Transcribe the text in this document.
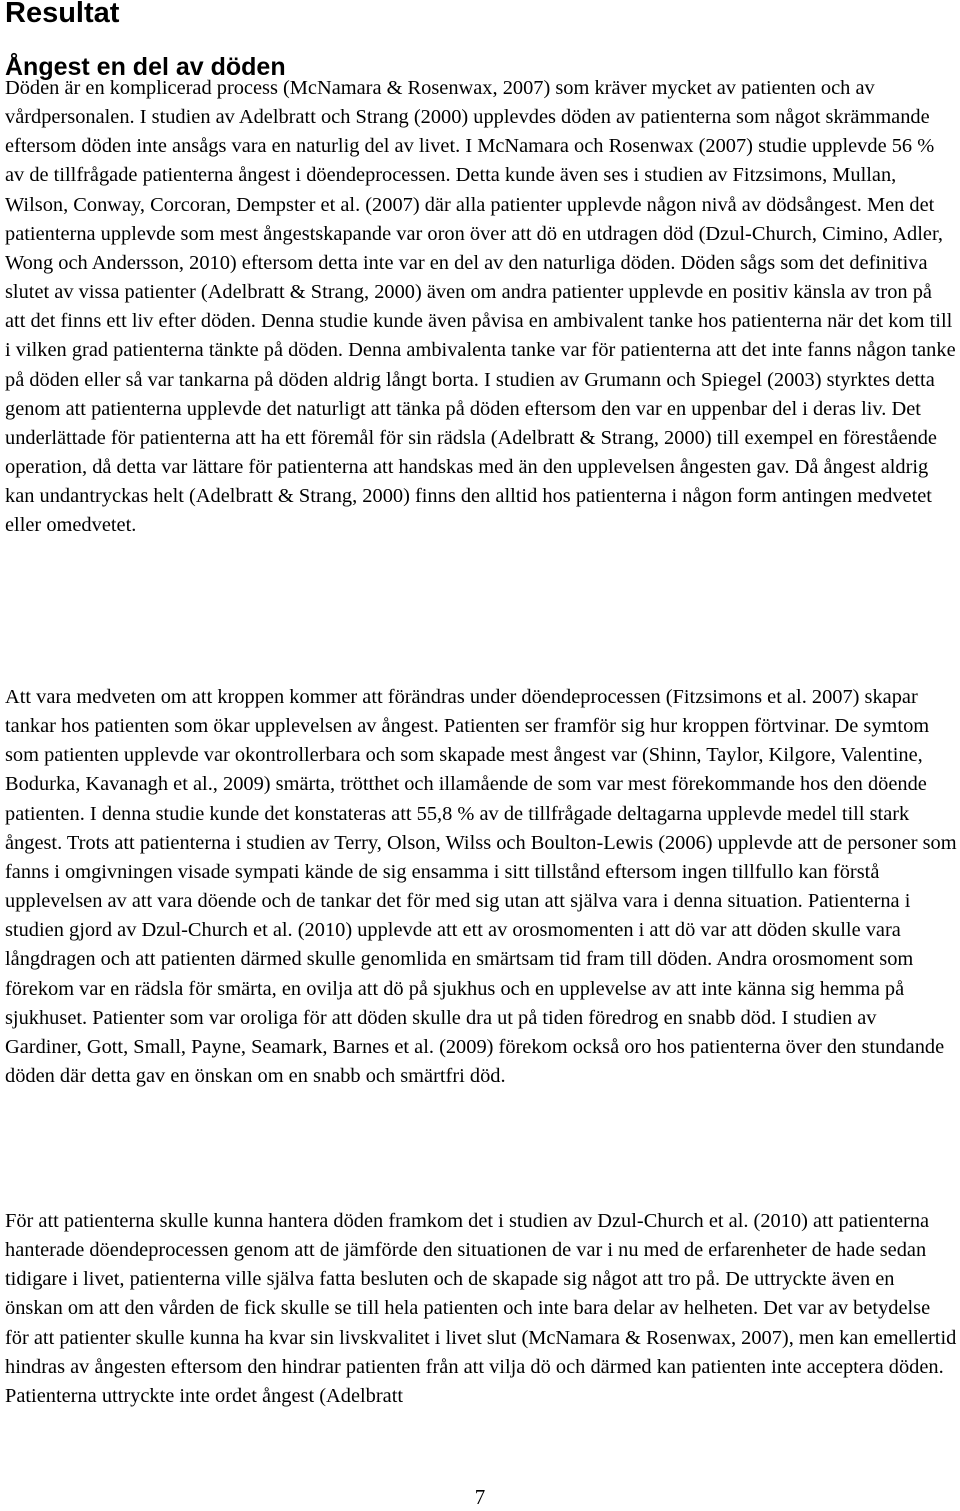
Resultat
Ångest en del av döden

Döden är en komplicerad process (McNamara & Rosenwax, 2007) som kräver mycket av patienten och av vårdpersonalen. I studien av Adelbratt och Strang (2000) upplevdes döden av patienterna som något skrämmande eftersom döden inte ansågs vara en naturlig del av livet. I McNamara och Rosenwax (2007) studie upplevde 56 % av de tillfrågade patienterna ångest i döendeprocessen. Detta kunde även ses i studien av Fitzsimons, Mullan, Wilson, Conway, Corcoran, Dempster et al. (2007) där alla patienter upplevde någon nivå av dödsångest. Men det patienterna upplevde som mest ångestskapande var oron över att dö en utdragen död (Dzul-Church, Cimino, Adler, Wong och Andersson, 2010) eftersom detta inte var en del av den naturliga döden. Döden sågs som det definitiva slutet av vissa patienter (Adelbratt & Strang, 2000) även om andra patienter upplevde en positiv känsla av tron på att det finns ett liv efter döden. Denna studie kunde även påvisa en ambivalent tanke hos patienterna när det kom till i vilken grad patienterna tänkte på döden. Denna ambivalenta tanke var för patienterna att det inte fanns någon tanke på döden eller så var tankarna på döden aldrig långt borta. I studien av Grumann och Spiegel (2003) styrktes detta genom att patienterna upplevde det naturligt att tänka på döden eftersom den var en uppenbar del i deras liv. Det underlättade för patienterna att ha ett föremål för sin rädsla (Adelbratt & Strang, 2000) till exempel en förestående operation, då detta var lättare för patienterna att handskas med än den upplevelsen ångesten gav. Då ångest aldrig kan undantryckas helt (Adelbratt & Strang, 2000) finns den alltid hos patienterna i någon form antingen medvetet eller omedvetet.

Att vara medveten om att kroppen kommer att förändras under döendeprocessen (Fitzsimons et al. 2007) skapar tankar hos patienten som ökar upplevelsen av ångest. Patienten ser framför sig hur kroppen förtvinar. De symtom som patienten upplevde var okontrollerbara och som skapade mest ångest var (Shinn, Taylor, Kilgore, Valentine, Bodurka, Kavanagh et al., 2009) smärta, trötthet och illamående de som var mest förekommande hos den döende patienten. I denna studie kunde det konstateras att 55,8 % av de tillfrågade deltagarna upplevde medel till stark ångest. Trots att patienterna i studien av Terry, Olson, Wilss och Boulton-Lewis (2006) upplevde att de personer som fanns i omgivningen visade sympati kände de sig ensamma i sitt tillstånd eftersom ingen tillfullo kan förstå upplevelsen av att vara döende och de tankar det för med sig utan att själva vara i denna situation. Patienterna i studien gjord av Dzul-Church et al. (2010) upplevde att ett av orosmomenten i att dö var att döden skulle vara långdragen och att patienten därmed skulle genomlida en smärtsam tid fram till döden. Andra orosmoment som förekom var en rädsla för smärta, en ovilja att dö på sjukhus och en upplevelse av att inte känna sig hemma på sjukhuset. Patienter som var oroliga för att döden skulle dra ut på tiden föredrog en snabb död. I studien av Gardiner, Gott, Small, Payne, Seamark, Barnes et al. (2009) förekom också oro hos patienterna över den stundande döden där detta gav en önskan om en snabb och smärtfri död.

För att patienterna skulle kunna hantera döden framkom det i studien av Dzul-Church et al. (2010) att patienterna hanterade döendeprocessen genom att de jämförde den situationen de var i nu med de erfarenheter de hade sedan tidigare i livet, patienterna ville själva fatta besluten och de skapade sig något att tro på. De uttryckte även en önskan om att den vården de fick skulle se till hela patienten och inte bara delar av helheten. Det var av betydelse för att patienter skulle kunna ha kvar sin livskvalitet i livet slut (McNamara & Rosenwax, 2007), men kan emellertid hindras av ångesten eftersom den hindrar patienten från att vilja dö och därmed kan patienten inte acceptera döden. Patienterna uttryckte inte ordet ångest (Adelbratt

7
